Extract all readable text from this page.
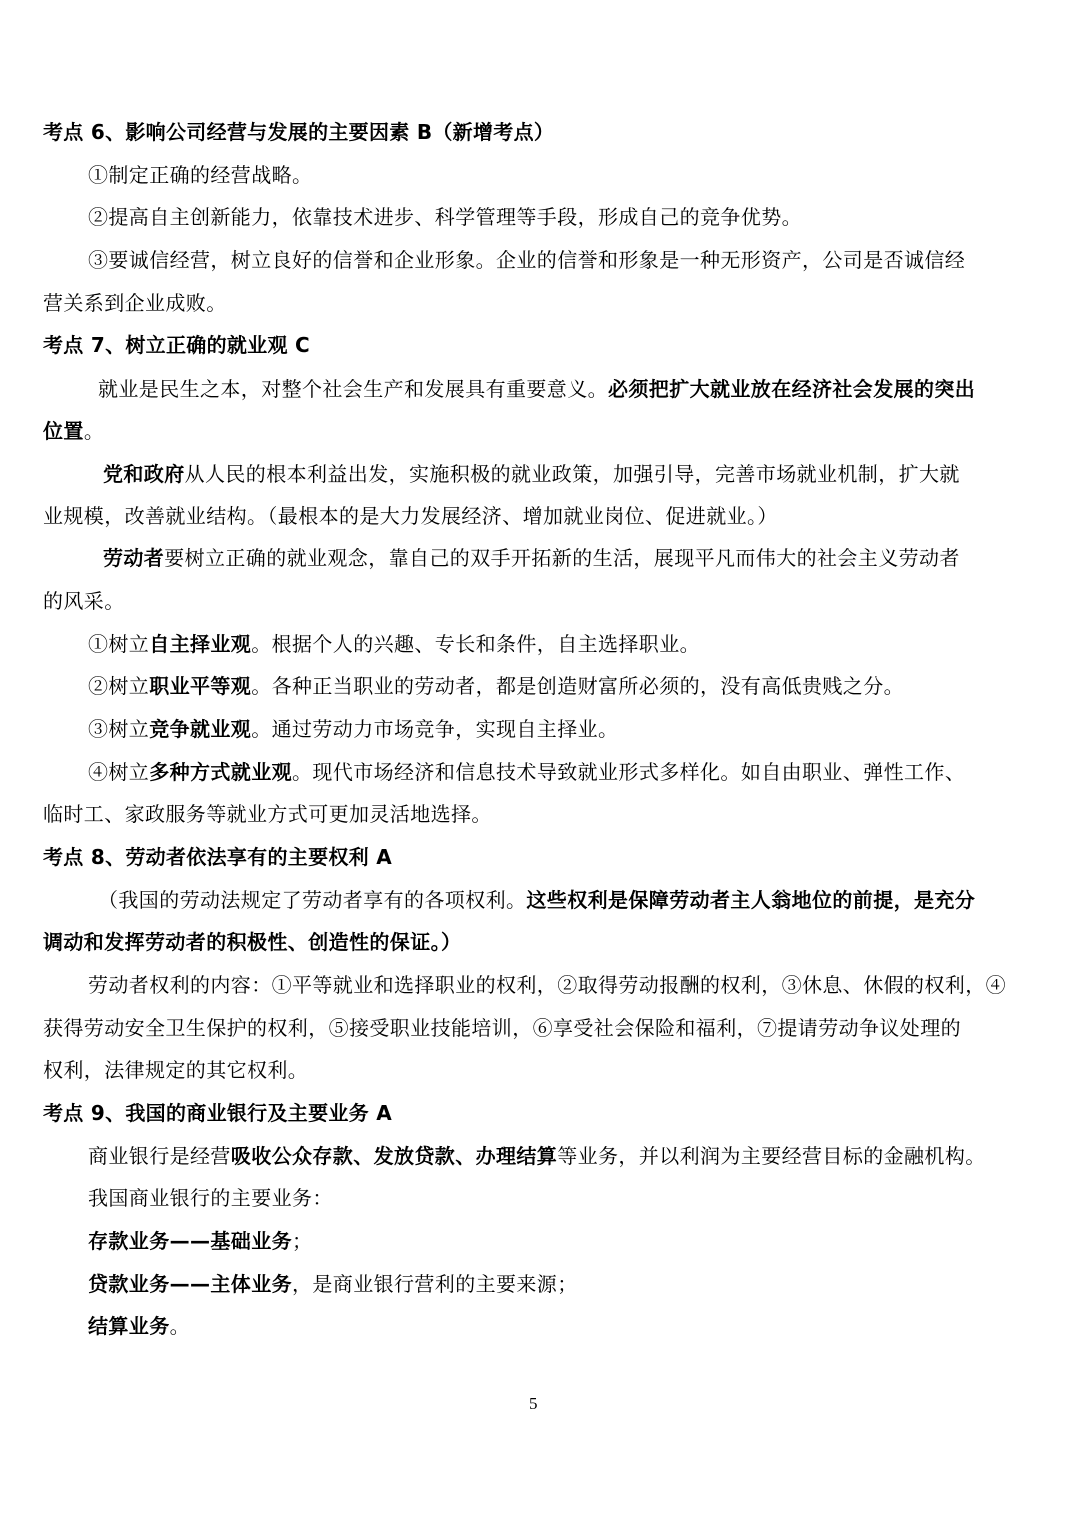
考点 6、影响公司经营与发展的主要因素 B（新增考点）
①制定正确的经营战略。
②提高自主创新能力，依靠技术进步、科学管理等手段，形成自己的竞争优势。
③要诚信经营，树立良好的信誉和企业形象。企业的信誉和形象是一种无形资产，公司是否诚信经
营关系到企业成败。
考点 7、树立正确的就业观 C
就业是民生之本，对整个社会生产和发展具有重要意义。必须把扩大就业放在经济社会发展的突出
位置。
党和政府从人民的根本利益出发，实施积极的就业政策，加强引导，完善市场就业机制，扩大就
业规模，改善就业结构。（最根本的是大力发展经济、增加就业岗位、促进就业。）
劳动者要树立正确的就业观念，靠自己的双手开拓新的生活，展现平凡而伟大的社会主义劳动者
的风采。
①树立自主择业观。根据个人的兴趣、专长和条件，自主选择职业。
②树立职业平等观。各种正当职业的劳动者，都是创造财富所必须的，没有高低贵贱之分。
③树立竞争就业观。通过劳动力市场竞争，实现自主择业。
④树立多种方式就业观。现代市场经济和信息技术导致就业形式多样化。如自由职业、弹性工作、
临时工、家政服务等就业方式可更加灵活地选择。
考点 8、劳动者依法享有的主要权利 A
（我国的劳动法规定了劳动者享有的各项权利。这些权利是保障劳动者主人翁地位的前提，是充分
调动和发挥劳动者的积极性、创造性的保证。）
劳动者权利的内容：①平等就业和选择职业的权利，②取得劳动报酬的权利，③休息、休假的权利，④
获得劳动安全卫生保护的权利，⑤接受职业技能培训，⑥享受社会保险和福利，⑦提请劳动争议处理的
权利，法律规定的其它权利。
考点 9、我国的商业银行及主要业务 A
商业银行是经营吸收公众存款、发放贷款、办理结算等业务，并以利润为主要经营目标的金融机构。
我国商业银行的主要业务：
存款业务——基础业务；
贷款业务——主体业务，是商业银行营利的主要来源；
结算业务。
5
